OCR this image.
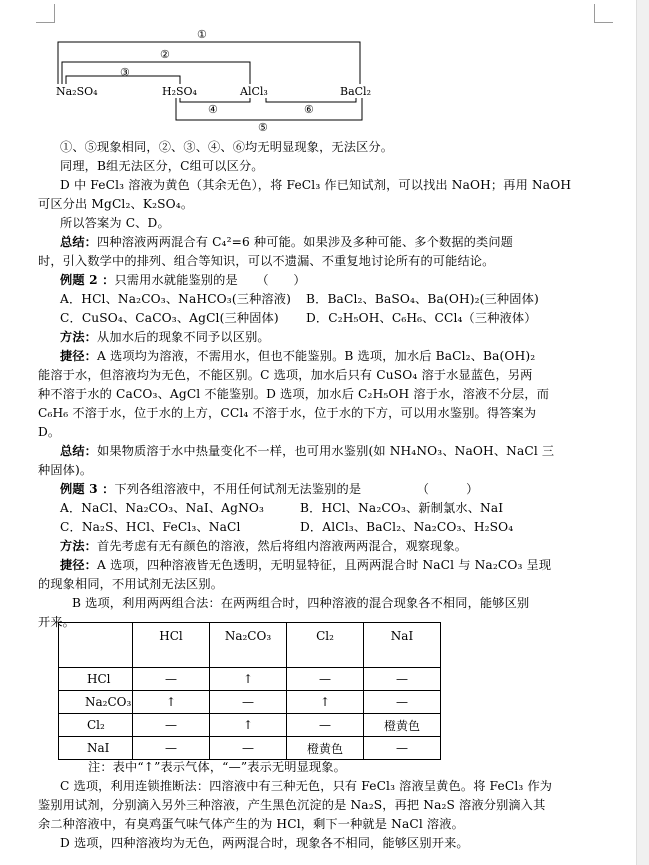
①
②
③
④	⑥
⑤
Na₂SO₄	H₂SO₄	AlCl₃	BaCl₂
①、⑤现象相同，②、③、④、⑥均无明显现象，无法区分。
同理，B组无法区分，C组可以区分。
D 中 FeCl₃ 溶液为黄色（其余无色），将 FeCl₃ 作已知试剂，可以找出 NaOH；再用 NaOH
可区分出 MgCl₂、K₂SO₄。
所以答案为 C、D。
总结：四种溶液两两混合有 C₄²=6 种可能。如果涉及多种可能、多个数据的类问题
时，引入数学中的排列、组合等知识，可以不遗漏、不重复地讨论所有的可能结论。
例题 2 ：只需用水就能鉴别的是　　（　　）
A．HCl、Na₂CO₃、NaHCO₃(三种溶液)	B．BaCl₂、BaSO₄、Ba(OH)₂(三种固体)
C．CuSO₄、CaCO₃、AgCl(三种固体)	D．C₂H₅OH、C₆H₆、CCl₄（三种液体）
方法：从加水后的现象不同予以区别。
捷径：A 选项均为溶液，不需用水，但也不能鉴别。B 选项，加水后 BaCl₂、Ba(OH)₂
能溶于水，但溶液均为无色，不能区别。C 选项，加水后只有 CuSO₄ 溶于水显蓝色，另两
种不溶于水的 CaCO₃、AgCl 不能鉴别。D 选项，加水后 C₂H₅OH 溶于水，溶液不分层，而
C₆H₆ 不溶于水，位于水的上方，CCl₄ 不溶于水，位于水的下方，可以用水鉴别。得答案为
D。
总结：如果物质溶于水中热量变化不一样，也可用水鉴别(如 NH₄NO₃、NaOH、NaCl 三
种固体)。
例题 3 ：下列各组溶液中，不用任何试剂无法鉴别的是　　　　　（　　　）
A．NaCl、Na₂CO₃、NaI、AgNO₃	B．HCl、Na₂CO₃、新制氯水、NaI
C．Na₂S、HCl、FeCl₃、NaCl	D．AlCl₃、BaCl₂、Na₂CO₃、H₂SO₄
方法：首先考虑有无有颜色的溶液，然后将组内溶液两两混合，观察现象。
捷径：A 选项，四种溶液皆无色透明，无明显特征，且两两混合时 NaCl 与 Na₂CO₃ 呈现
的现象相同，不用试剂无法区别。
B 选项，利用两两组合法：在两两组合时，四种溶液的混合现象各不相同，能够区别
开来。
	HCl	Na₂CO₃	Cl₂	NaI
HCl	—	↑	—	—
Na₂CO₃	↑	—	↑	—
Cl₂	—	↑	—	橙黄色
NaI	—	—	橙黄色	—
注：表中“↑”表示气体，“—”表示无明显现象。
C 选项，利用连锁推断法：四溶液中有三种无色，只有 FeCl₃ 溶液呈黄色。将 FeCl₃ 作为
鉴别用试剂，分别滴入另外三种溶液，产生黑色沉淀的是 Na₂S，再把 Na₂S 溶液分别滴入其
余二种溶液中，有臭鸡蛋气味气体产生的为 HCl，剩下一种就是 NaCl 溶液。
D 选项，四种溶液均为无色，两两混合时，现象各不相同，能够区别开来。
